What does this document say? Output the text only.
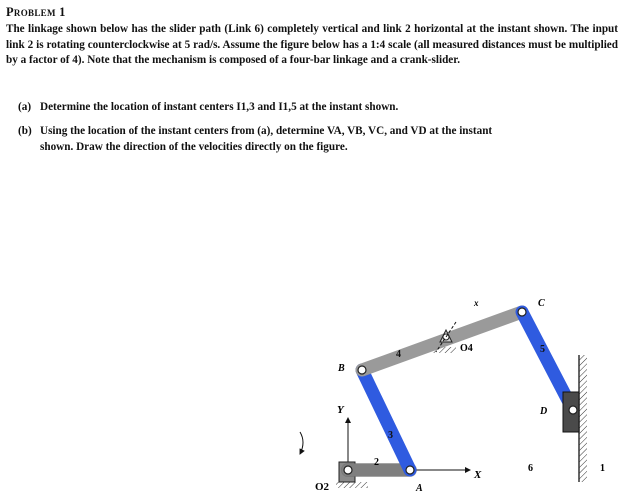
Problem 1
The linkage shown below has the slider path (Link 6) completely vertical and link 2 horizontal at the instant shown. The input link 2 is rotating counterclockwise at 5 rad/s. Assume the figure below has a 1:4 scale (all measured distances must be multiplied by a factor of 4). Note that the mechanism is composed of a four-bar linkage and a crank-slider.
(a) Determine the location of instant centers I1,3 and I1,5 at the instant shown.
(b) Using the location of the instant centers from (a), determine VA, VB, VC, and VD at the instant
shown. Draw the direction of the velocities directly on the figure.
X
Y
O2
O4
A
B
C
D
2
3
4	5
6	1
x
